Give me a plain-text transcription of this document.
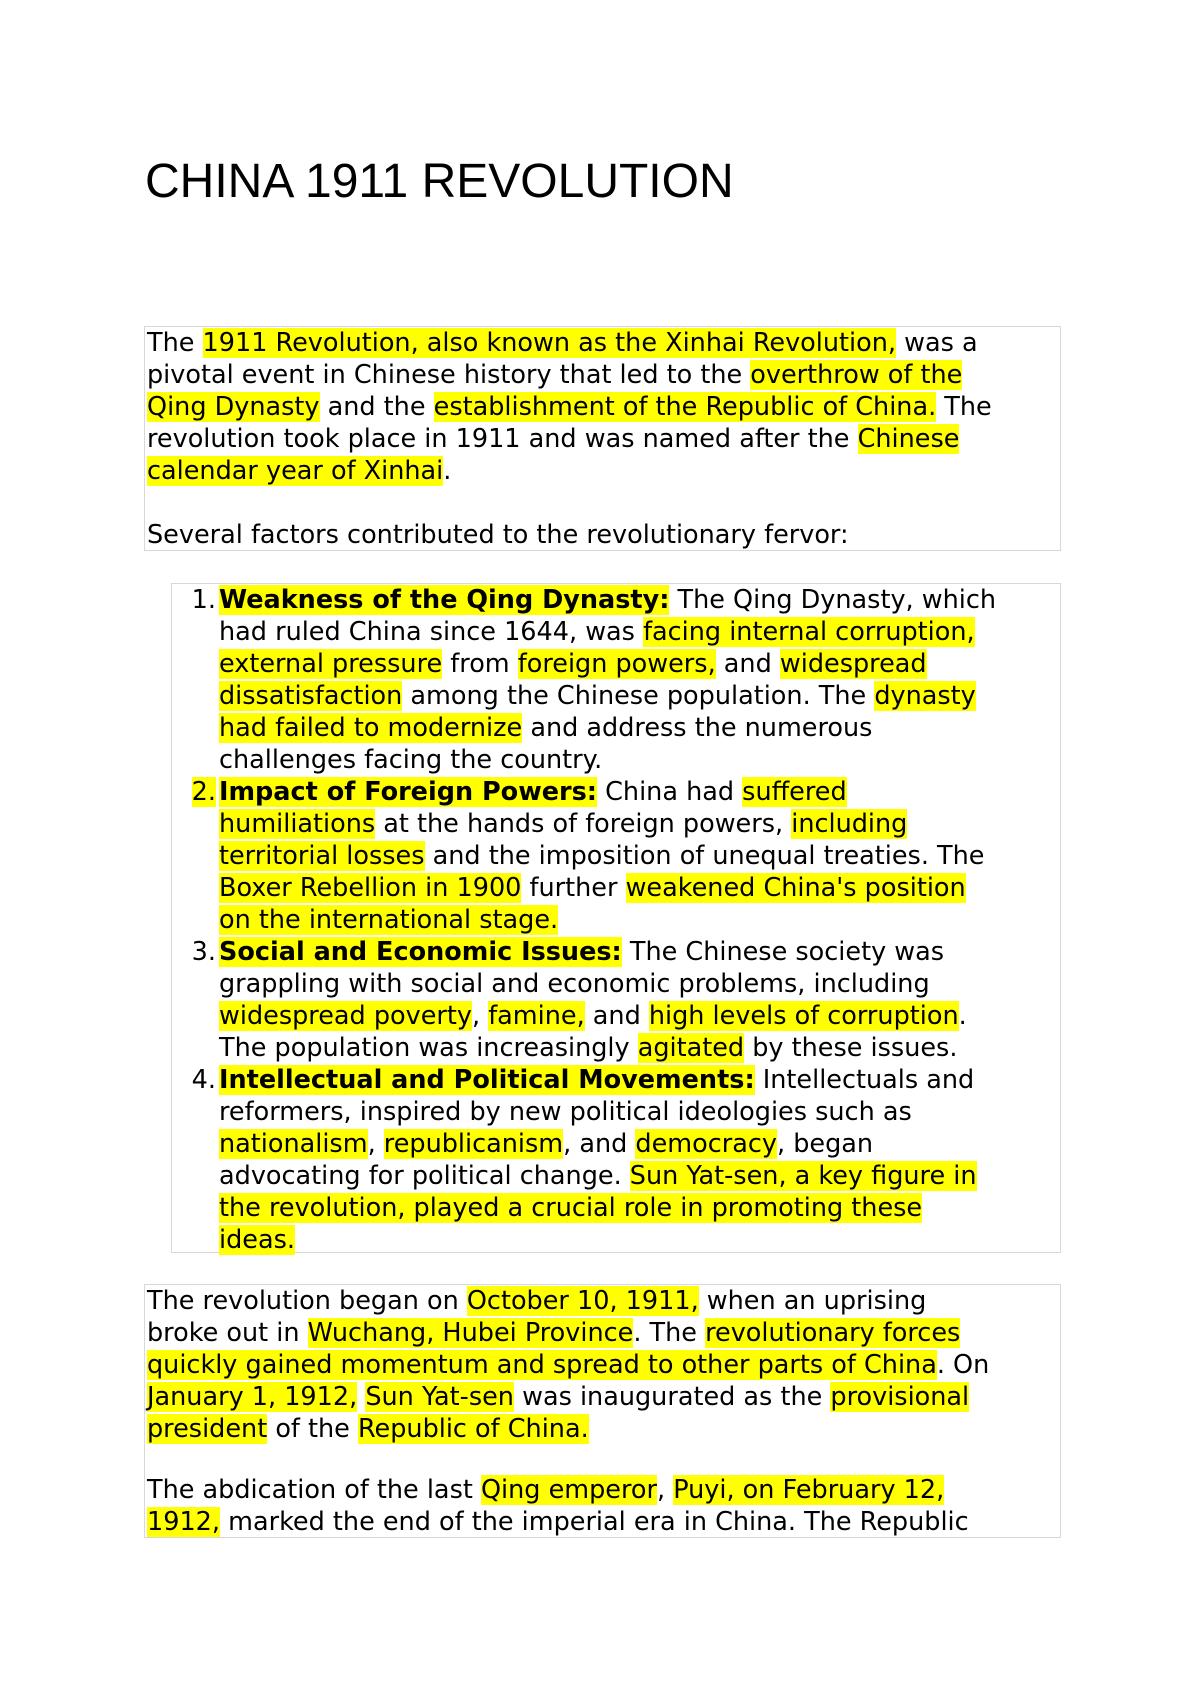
CHINA 1911 REVOLUTION
The 1911 Revolution, also known as the Xinhai Revolution, was a
pivotal event in Chinese history that led to the overthrow of the
Qing Dynasty and the establishment of the Republic of China. The
revolution took place in 1911 and was named after the Chinese
calendar year of Xinhai.
Several factors contributed to the revolutionary fervor:
1. Weakness of the Qing Dynasty: The Qing Dynasty, which
had ruled China since 1644, was facing internal corruption,
external pressure from foreign powers, and widespread
dissatisfaction among the Chinese population. The dynasty
had failed to modernize and address the numerous
challenges facing the country.
2. Impact of Foreign Powers: China had suffered
humiliations at the hands of foreign powers, including
territorial losses and the imposition of unequal treaties. The
Boxer Rebellion in 1900 further weakened China's position
on the international stage.
3. Social and Economic Issues: The Chinese society was
grappling with social and economic problems, including
widespread poverty, famine, and high levels of corruption.
The population was increasingly agitated by these issues.
4. Intellectual and Political Movements: Intellectuals and
reformers, inspired by new political ideologies such as
nationalism, republicanism, and democracy, began
advocating for political change. Sun Yat-sen, a key figure in
the revolution, played a crucial role in promoting these
ideas.
The revolution began on October 10, 1911, when an uprising
broke out in Wuchang, Hubei Province. The revolutionary forces
quickly gained momentum and spread to other parts of China. On
January 1, 1912, Sun Yat-sen was inaugurated as the provisional
president of the Republic of China.
The abdication of the last Qing emperor, Puyi, on February 12,
1912, marked the end of the imperial era in China. The Republic
